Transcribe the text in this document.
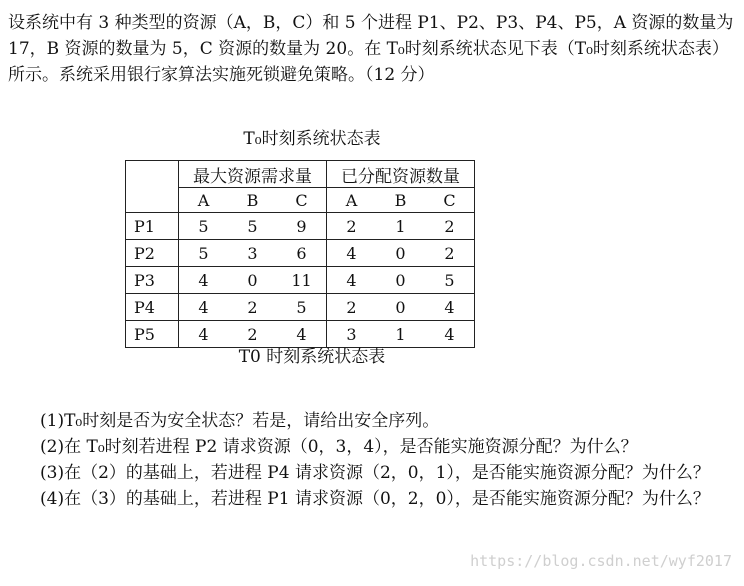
设系统中有 3 种类型的资源（A，B，C）和 5 个进程 P1、P2、P3、P4、P5，A 资源的数量为 17，B 资源的数量为 5，C 资源的数量为 20。在 T₀时刻系统状态见下表（T₀时刻系统状态表）所示。系统采用银行家算法实施死锁避免策略。（12 分）

T₀时刻系统状态表
	最大资源需求量			已分配资源数量		
	A	B	C	A	B	C
P1	5	5	9	2	1	2
P2	5	3	6	4	0	2
P3	4	0	11	4	0	5
P4	4	2	5	2	0	4
P5	4	2	4	3	1	4
T0 时刻系统状态表
(1)T₀时刻是否为安全状态？若是，请给出安全序列。
(2)在 T₀时刻若进程 P2 请求资源（0，3，4），是否能实施资源分配？为什么？
(3)在（2）的基础上，若进程 P4 请求资源（2，0，1），是否能实施资源分配？为什么？
(4)在（3）的基础上，若进程 P1 请求资源（0，2，0），是否能实施资源分配？为什么？
https://blog.csdn.net/wyf2017
